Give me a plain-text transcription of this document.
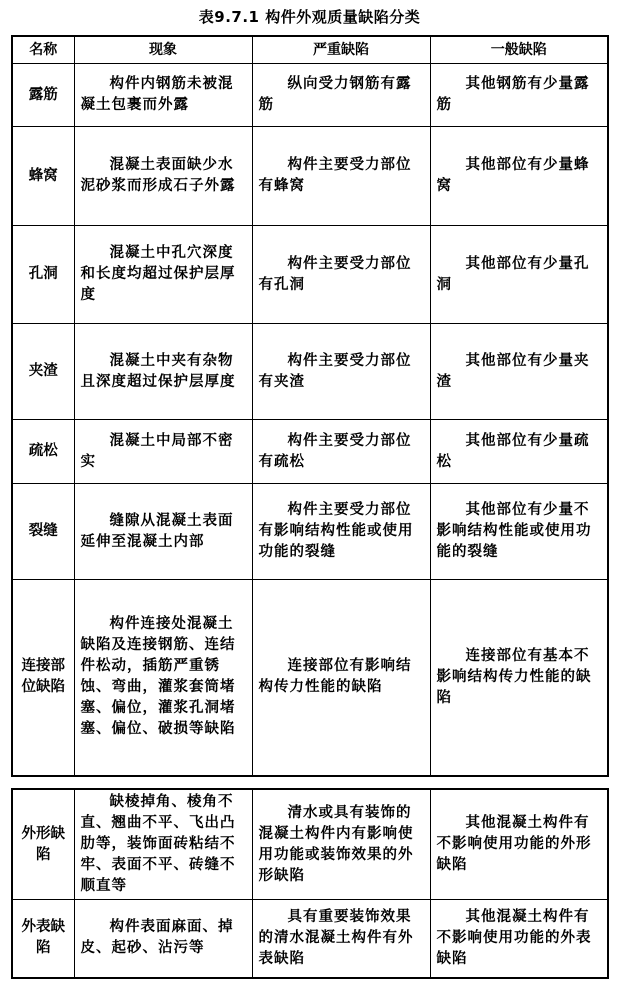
表9.7.1 构件外观质量缺陷分类
名称	现象	严重缺陷	一般缺陷
露筋	构件内钢筋未被混凝土包裹而外露	纵向受力钢筋有露筋	其他钢筋有少量露筋
蜂窝	混凝土表面缺少水泥砂浆而形成石子外露	构件主要受力部位有蜂窝	其他部位有少量蜂窝
孔洞	混凝土中孔穴深度和长度均超过保护层厚度	构件主要受力部位有孔洞	其他部位有少量孔洞
夹渣	混凝土中夹有杂物且深度超过保护层厚度	构件主要受力部位有夹渣	其他部位有少量夹渣
疏松	混凝土中局部不密实	构件主要受力部位有疏松	其他部位有少量疏松
裂缝	缝隙从混凝土表面延伸至混凝土内部	构件主要受力部位有影响结构性能或使用功能的裂缝	其他部位有少量不影响结构性能或使用功能的裂缝
连接部位缺陷	构件连接处混凝土缺陷及连接钢筋、连结件松动，插筋严重锈蚀、弯曲，灌浆套筒堵塞、偏位，灌浆孔洞堵塞、偏位、破损等缺陷	连接部位有影响结构传力性能的缺陷	连接部位有基本不影响结构传力性能的缺陷
外形缺陷	缺棱掉角、棱角不直、翘曲不平、飞出凸肋等，装饰面砖粘结不牢、表面不平、砖缝不顺直等	清水或具有装饰的混凝土构件内有影响使用功能或装饰效果的外形缺陷	其他混凝土构件有不影响使用功能的外形缺陷
外表缺陷	构件表面麻面、掉皮、起砂、沾污等	具有重要装饰效果的清水混凝土构件有外表缺陷	其他混凝土构件有不影响使用功能的外表缺陷
